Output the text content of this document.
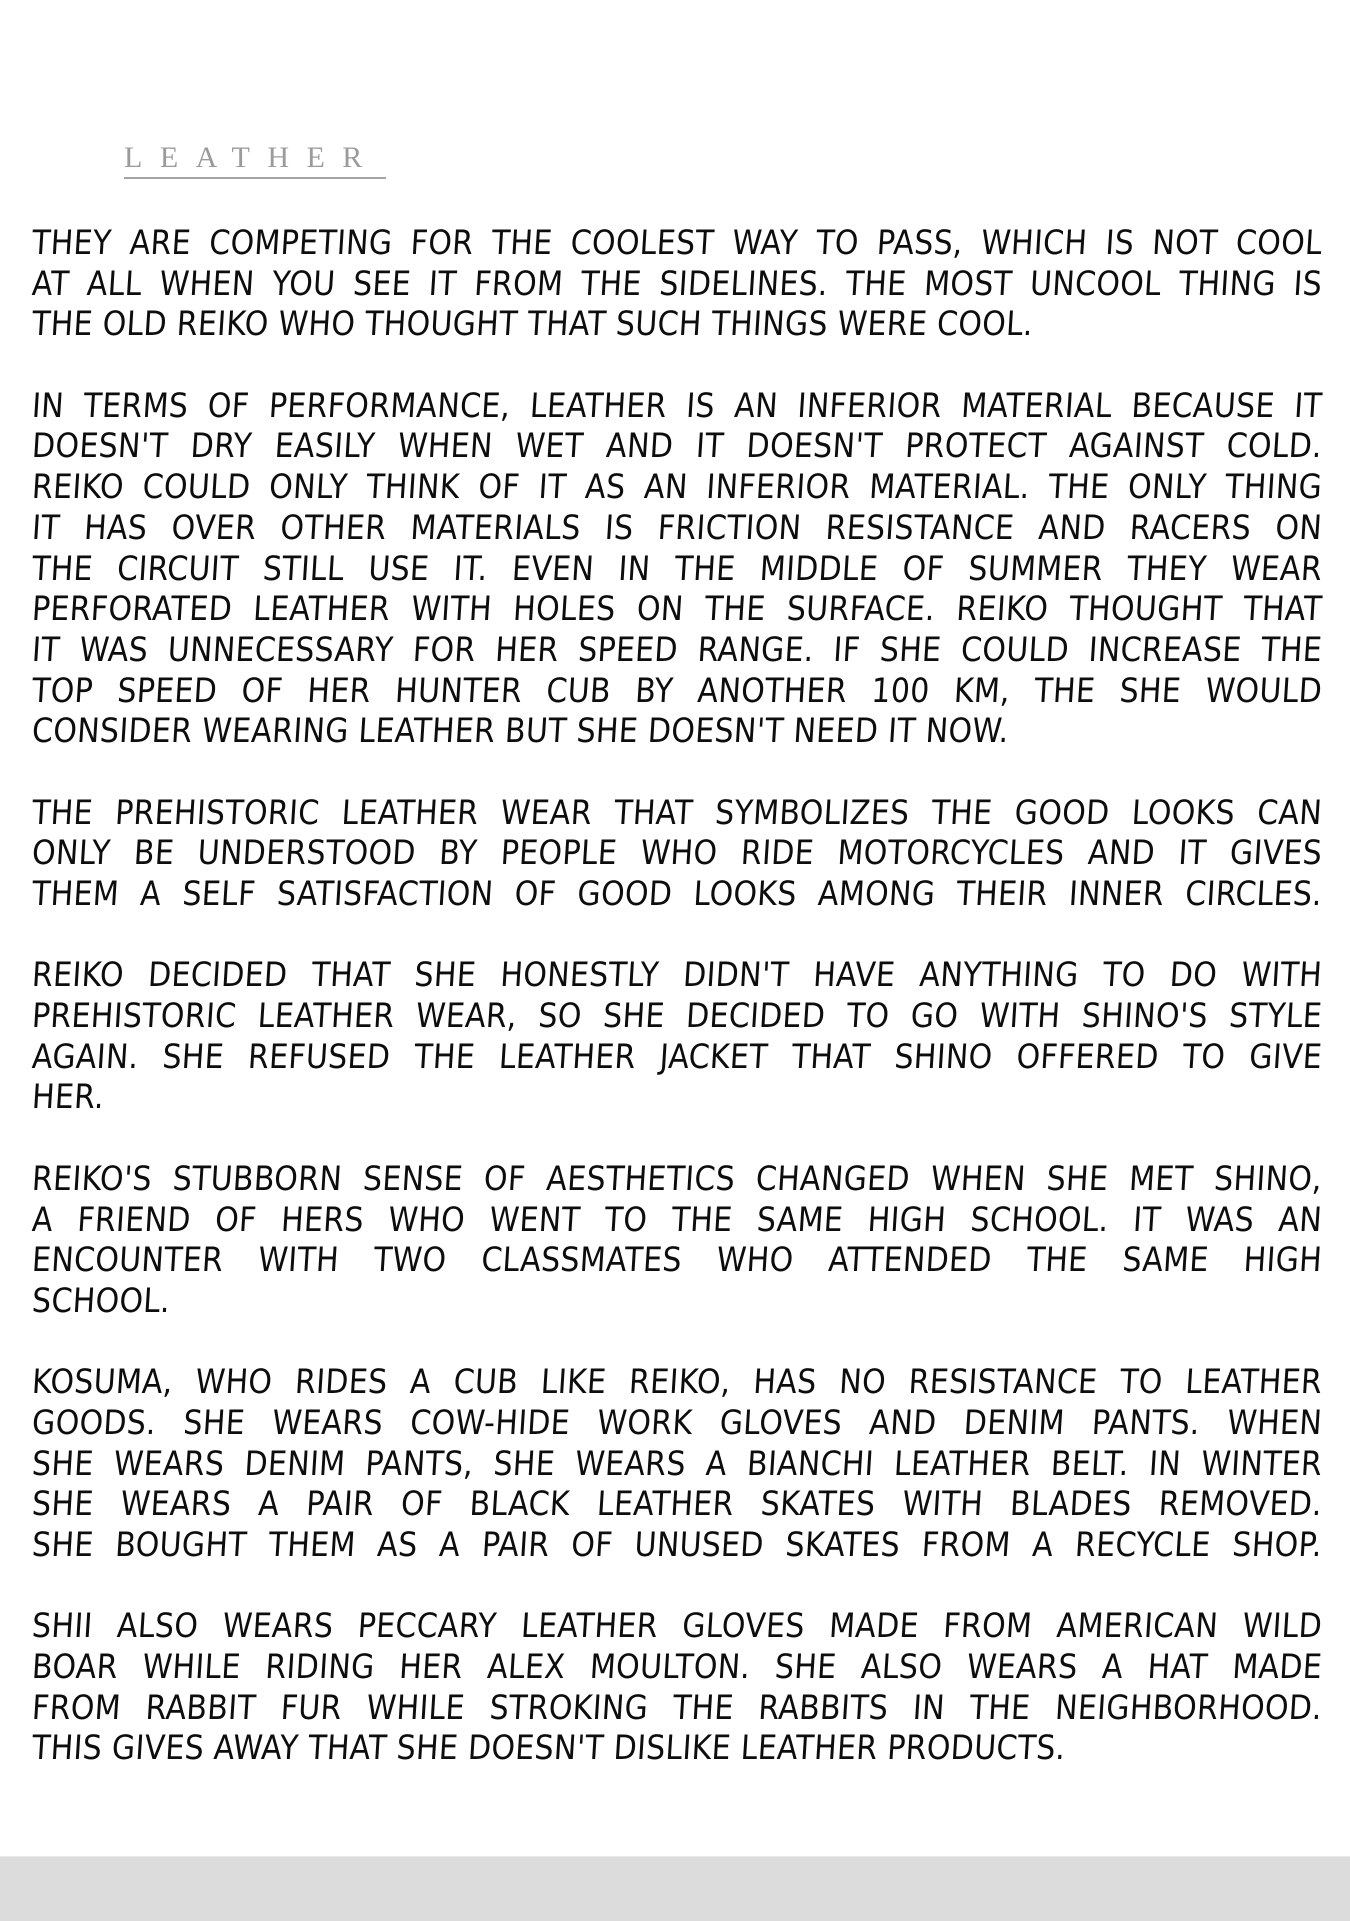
LEATHER

THEY ARE COMPETING FOR THE COOLEST WAY TO PASS, WHICH IS NOT COOL
AT ALL WHEN YOU SEE IT FROM THE SIDELINES. THE MOST UNCOOL THING IS
THE OLD REIKO WHO THOUGHT THAT SUCH THINGS WERE COOL.

IN TERMS OF PERFORMANCE, LEATHER IS AN INFERIOR MATERIAL BECAUSE IT
DOESN'T DRY EASILY WHEN WET AND IT DOESN'T PROTECT AGAINST COLD.
REIKO COULD ONLY THINK OF IT AS AN INFERIOR MATERIAL. THE ONLY THING
IT HAS OVER OTHER MATERIALS IS FRICTION RESISTANCE AND RACERS ON
THE CIRCUIT STILL USE IT. EVEN IN THE MIDDLE OF SUMMER THEY WEAR
PERFORATED LEATHER WITH HOLES ON THE SURFACE. REIKO THOUGHT THAT
IT WAS UNNECESSARY FOR HER SPEED RANGE. IF SHE COULD INCREASE THE
TOP SPEED OF HER HUNTER CUB BY ANOTHER 100 KM, THE SHE WOULD
CONSIDER WEARING LEATHER BUT SHE DOESN'T NEED IT NOW.

THE PREHISTORIC LEATHER WEAR THAT SYMBOLIZES THE GOOD LOOKS CAN
ONLY BE UNDERSTOOD BY PEOPLE WHO RIDE MOTORCYCLES AND IT GIVES
THEM A SELF SATISFACTION OF GOOD LOOKS AMONG THEIR INNER CIRCLES.

REIKO DECIDED THAT SHE HONESTLY DIDN'T HAVE ANYTHING TO DO WITH
PREHISTORIC LEATHER WEAR, SO SHE DECIDED TO GO WITH SHINO'S STYLE
AGAIN. SHE REFUSED THE LEATHER JACKET THAT SHINO OFFERED TO GIVE
HER.

REIKO'S STUBBORN SENSE OF AESTHETICS CHANGED WHEN SHE MET SHINO,
A FRIEND OF HERS WHO WENT TO THE SAME HIGH SCHOOL. IT WAS AN
ENCOUNTER WITH TWO CLASSMATES WHO ATTENDED THE SAME HIGH
SCHOOL.

KOSUMA, WHO RIDES A CUB LIKE REIKO, HAS NO RESISTANCE TO LEATHER
GOODS. SHE WEARS COW-HIDE WORK GLOVES AND DENIM PANTS. WHEN
SHE WEARS DENIM PANTS, SHE WEARS A BIANCHI LEATHER BELT. IN WINTER
SHE WEARS A PAIR OF BLACK LEATHER SKATES WITH BLADES REMOVED.
SHE BOUGHT THEM AS A PAIR OF UNUSED SKATES FROM A RECYCLE SHOP.

SHII ALSO WEARS PECCARY LEATHER GLOVES MADE FROM AMERICAN WILD
BOAR WHILE RIDING HER ALEX MOULTON. SHE ALSO WEARS A HAT MADE
FROM RABBIT FUR WHILE STROKING THE RABBITS IN THE NEIGHBORHOOD.
THIS GIVES AWAY THAT SHE DOESN'T DISLIKE LEATHER PRODUCTS.
